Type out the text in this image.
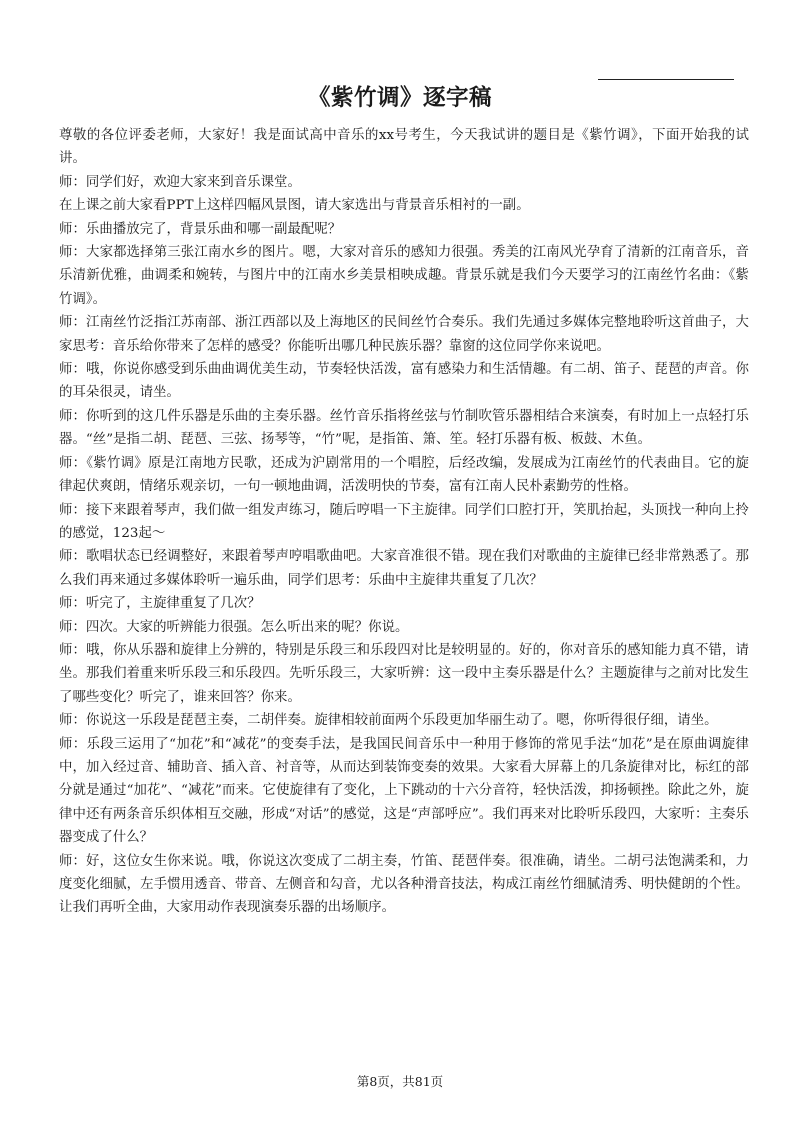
《紫竹调》逐字稿

尊敬的各位评委老师，大家好！我是面试高中音乐的xx号考生，今天我试讲的题目是《紫竹调》，下面开始我的试讲。

师：同学们好，欢迎大家来到音乐课堂。

在上课之前大家看PPT上这样四幅风景图，请大家选出与背景音乐相衬的一副。

师：乐曲播放完了，背景乐曲和哪一副最配呢？

师：大家都选择第三张江南水乡的图片。嗯，大家对音乐的感知力很强。秀美的江南风光孕育了清新的江南音乐，音乐清新优雅，曲调柔和婉转，与图片中的江南水乡美景相映成趣。背景乐就是我们今天要学习的江南丝竹名曲：《紫竹调》。

师：江南丝竹泛指江苏南部、浙江西部以及上海地区的民间丝竹合奏乐。我们先通过多媒体完整地聆听这首曲子，大家思考：音乐给你带来了怎样的感受？你能听出哪几种民族乐器？靠窗的这位同学你来说吧。

师：哦，你说你感受到乐曲曲调优美生动，节奏轻快活泼，富有感染力和生活情趣。有二胡、笛子、琵琶的声音。你的耳朵很灵，请坐。

师：你听到的这几件乐器是乐曲的主奏乐器。丝竹音乐指将丝弦与竹制吹管乐器相结合来演奏，有时加上一点轻打乐器。“丝”是指二胡、琵琶、三弦、扬琴等，“竹”呢，是指笛、箫、笙。轻打乐器有板、板鼓、木鱼。

师：《紫竹调》原是江南地方民歌，还成为沪剧常用的一个唱腔，后经改编，发展成为江南丝竹的代表曲目。它的旋律起伏爽朗，情绪乐观亲切，一句一顿地曲调，活泼明快的节奏，富有江南人民朴素勤劳的性格。

师：接下来跟着琴声，我们做一组发声练习，随后哼唱一下主旋律。同学们口腔打开，笑肌抬起，头顶找一种向上拎的感觉，123起～

师：歌唱状态已经调整好，来跟着琴声哼唱歌曲吧。大家音准很不错。现在我们对歌曲的主旋律已经非常熟悉了。那么我们再来通过多媒体聆听一遍乐曲，同学们思考：乐曲中主旋律共重复了几次？

师：听完了，主旋律重复了几次？

师：四次。大家的听辨能力很强。怎么听出来的呢？你说。

师：哦，你从乐器和旋律上分辨的，特别是乐段三和乐段四对比是较明显的。好的，你对音乐的感知能力真不错，请坐。那我们着重来听乐段三和乐段四。先听乐段三，大家听辨：这一段中主奏乐器是什么？主题旋律与之前对比发生了哪些变化？听完了，谁来回答？你来。

师：你说这一乐段是琵琶主奏，二胡伴奏。旋律相较前面两个乐段更加华丽生动了。嗯，你听得很仔细，请坐。

师：乐段三运用了“加花”和“减花”的变奏手法，是我国民间音乐中一种用于修饰的常见手法“加花”是在原曲调旋律中，加入经过音、辅助音、插入音、衬音等，从而达到装饰变奏的效果。大家看大屏幕上的几条旋律对比，标红的部分就是通过“加花”、“减花”而来。它使旋律有了变化，上下跳动的十六分音符，轻快活泼，抑扬顿挫。除此之外，旋律中还有两条音乐织体相互交融，形成“对话”的感觉，这是“声部呼应”。我们再来对比聆听乐段四，大家听：主奏乐器变成了什么？

师：好，这位女生你来说。哦，你说这次变成了二胡主奏，竹笛、琵琶伴奏。很准确，请坐。二胡弓法饱满柔和，力度变化细腻，左手惯用透音、带音、左侧音和勾音，尤以各种滑音技法，构成江南丝竹细腻清秀、明快健朗的个性。让我们再听全曲，大家用动作表现演奏乐器的出场顺序。

第8页，共81页
